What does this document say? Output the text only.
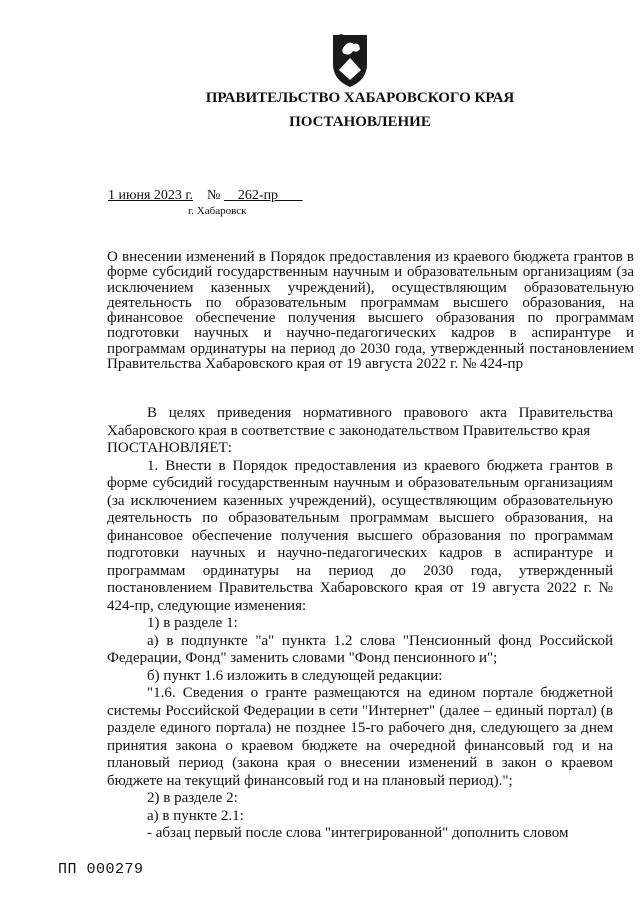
ПРАВИТЕЛЬСТВО ХАБАРОВСКОГО КРАЯ
ПОСТАНОВЛЕНИЕ
1 июня 2023 г. № 262-пр
г. Хабаровск
О внесении изменений в Порядок предоставления из краевого бюджета грантов в форме субсидий государственным научным и образовательным организациям (за исключением казенных учреждений), осуществляющим образовательную деятельность по образовательным программам высшего образования, на финансовое обеспечение получения высшего образования по программам подготовки научных и научно-педагогических кадров в аспирантуре и программам ординатуры на период до 2030 года, утвержденный постановлением Правительства Хабаровского края от 19 августа 2022 г. № 424-пр

В целях приведения нормативного правового акта Правительства Хабаровского края в соответствие с законодательством Правительство края

ПОСТАНОВЛЯЕТ:

1. Внести в Порядок предоставления из краевого бюджета грантов в форме субсидий государственным научным и образовательным организациям (за исключением казенных учреждений), осуществляющим образовательную деятельность по образовательным программам высшего образования, на финансовое обеспечение получения высшего образования по программам подготовки научных и научно-педагогических кадров в аспирантуре и программам ординатуры на период до 2030 года, утвержденный постановлением Правительства Хабаровского края от 19 августа 2022 г. № 424-пр, следующие изменения:

1) в разделе 1:

а) в подпункте "а" пункта 1.2 слова "Пенсионный фонд Российской Федерации, Фонд" заменить словами "Фонд пенсионного и";

б) пункт 1.6 изложить в следующей редакции:

"1.6. Сведения о гранте размещаются на едином портале бюджетной системы Российской Федерации в сети "Интернет" (далее – единый портал) (в разделе единого портала) не позднее 15-го рабочего дня, следующего за днем принятия закона о краевом бюджете на очередной финансовый год и на плановый период (закона края о внесении изменений в закон о краевом бюджете на текущий финансовый год и на плановый период).";

2) в разделе 2:

а) в пункте 2.1:

- абзац первый после слова "интегрированной" дополнить словом

ПП 000279
